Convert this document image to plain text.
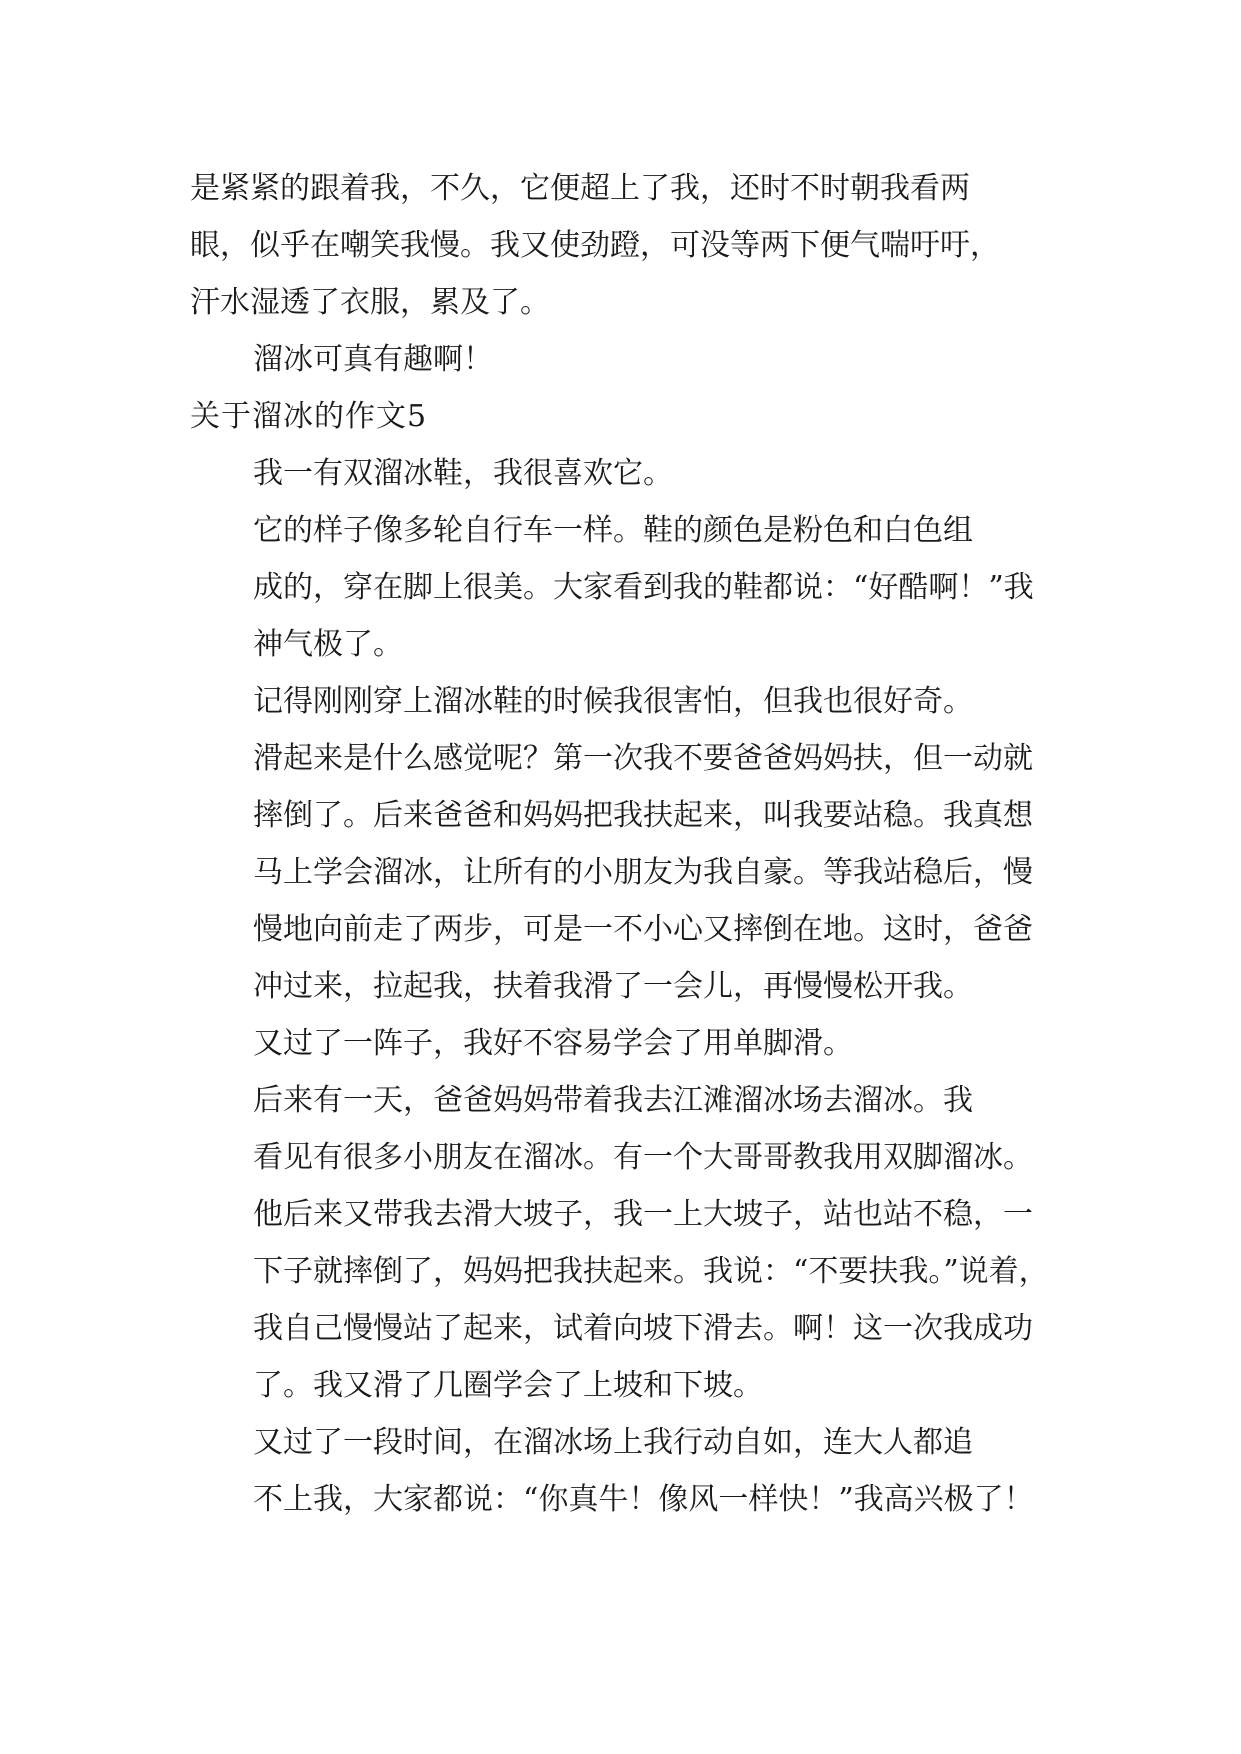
是紧紧的跟着我，不久，它便超上了我，还时不时朝我看两
眼，似乎在嘲笑我慢。我又使劲蹬，可没等两下便气喘吁吁，
汗水湿透了衣服，累及了。

溜冰可真有趣啊！

关于溜冰的作文5

我一有双溜冰鞋，我很喜欢它。

它的样子像多轮自行车一样。鞋的颜色是粉色和白色组
成的，穿在脚上很美。大家看到我的鞋都说：“好酷啊！”我
神气极了。

记得刚刚穿上溜冰鞋的时候我很害怕，但我也很好奇。
滑起来是什么感觉呢？第一次我不要爸爸妈妈扶，但一动就
摔倒了。后来爸爸和妈妈把我扶起来，叫我要站稳。我真想
马上学会溜冰，让所有的小朋友为我自豪。等我站稳后，慢
慢地向前走了两步，可是一不小心又摔倒在地。这时，爸爸
冲过来，拉起我，扶着我滑了一会儿，再慢慢松开我。

又过了一阵子，我好不容易学会了用单脚滑。

后来有一天，爸爸妈妈带着我去江滩溜冰场去溜冰。我
看见有很多小朋友在溜冰。有一个大哥哥教我用双脚溜冰。
他后来又带我去滑大坡子，我一上大坡子，站也站不稳，一
下子就摔倒了，妈妈把我扶起来。我说：“不要扶我。”说着，
我自己慢慢站了起来，试着向坡下滑去。啊！这一次我成功
了。我又滑了几圈学会了上坡和下坡。

又过了一段时间，在溜冰场上我行动自如，连大人都追
不上我，大家都说：“你真牛！像风一样快！”我高兴极了！
